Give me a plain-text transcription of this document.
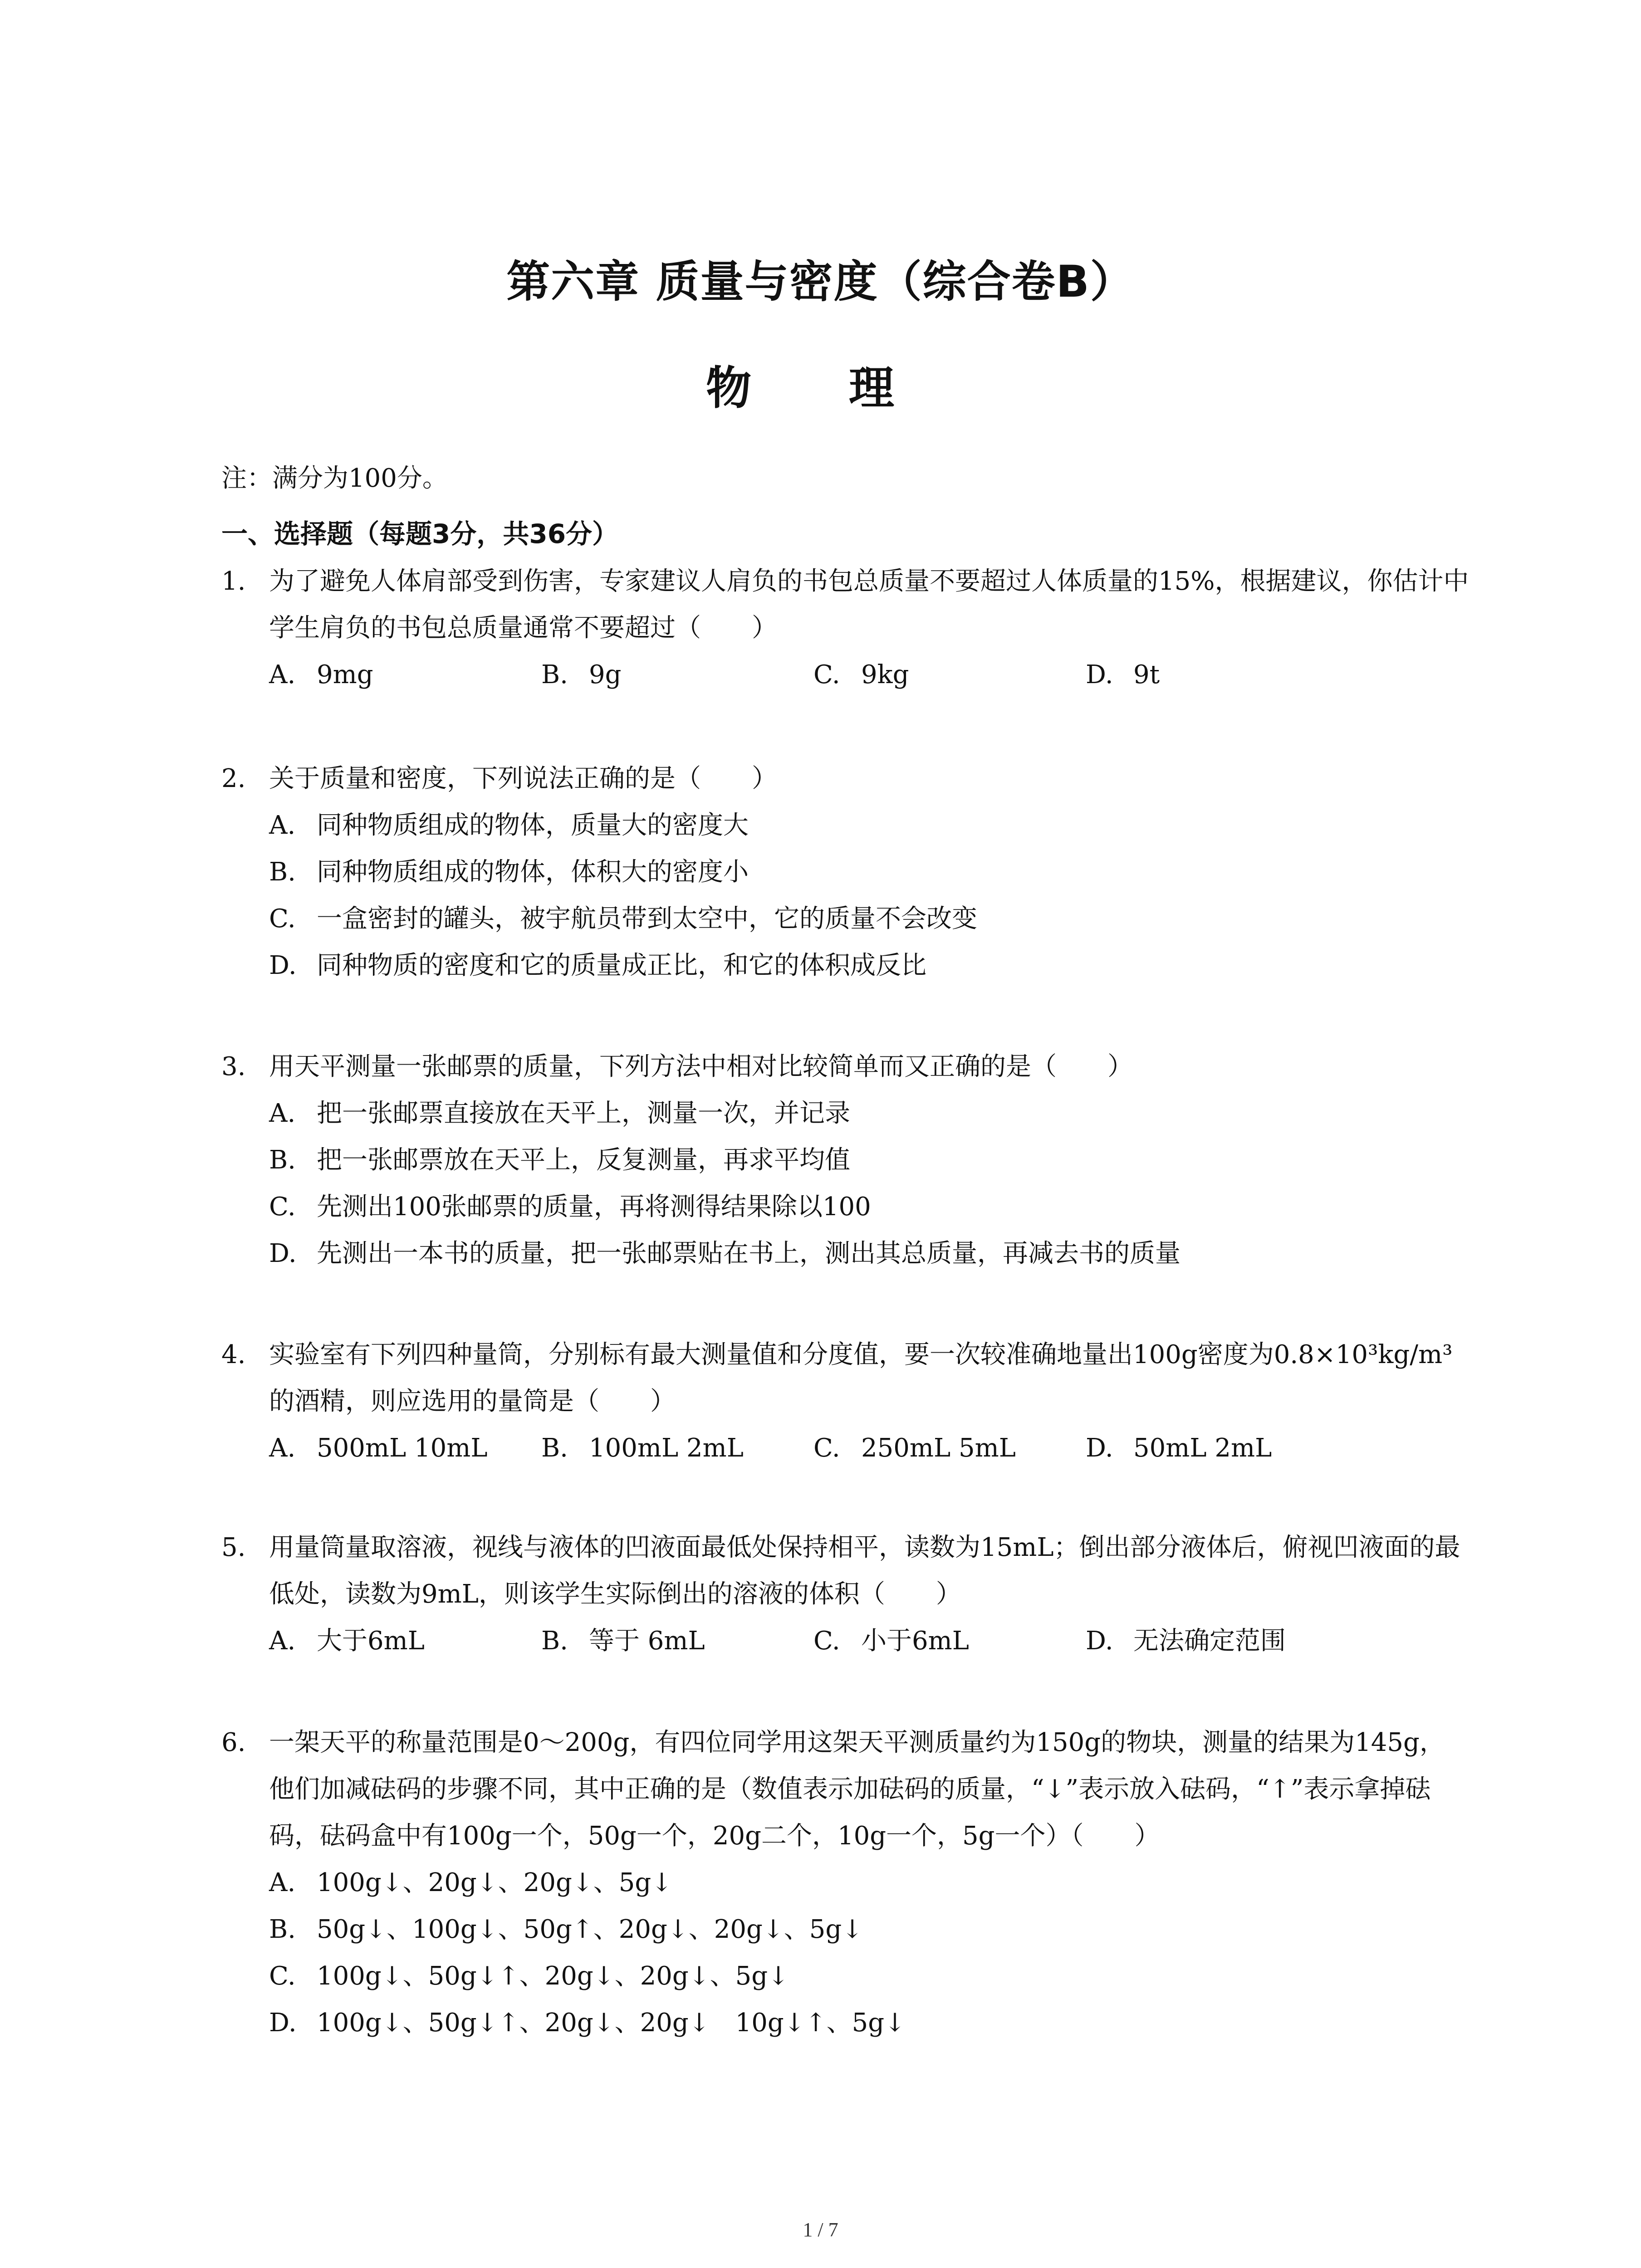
第六章 质量与密度（综合卷B）
物 理

注：满分为100分。

一、选择题（每题3分，共36分）

1. 为了避免人体肩部受到伤害，专家建议人肩负的书包总质量不要超过人体质量的15%，根据建议，你估计中学生肩负的书包总质量通常不要超过（　　）
A. 9mg	B. 9g	C. 9kg	D. 9t
2. 关于质量和密度，下列说法正确的是（　　）
A. 同种物质组成的物体，质量大的密度大
B. 同种物质组成的物体，体积大的密度小
C. 一盒密封的罐头，被宇航员带到太空中，它的质量不会改变
D. 同种物质的密度和它的质量成正比，和它的体积成反比
3. 用天平测量一张邮票的质量，下列方法中相对比较简单而又正确的是（　　）
A. 把一张邮票直接放在天平上，测量一次，并记录
B. 把一张邮票放在天平上，反复测量，再求平均值
C. 先测出100张邮票的质量，再将测得结果除以100
D. 先测出一本书的质量，把一张邮票贴在书上，测出其总质量，再减去书的质量
4. 实验室有下列四种量筒，分别标有最大测量值和分度值，要一次较准确地量出100g密度为0.8×10³kg/m³的酒精，则应选用的量筒是（　　）
A. 500mL 10mL	B. 100mL 2mL	C. 250mL 5mL	D. 50mL 2mL
5. 用量筒量取溶液，视线与液体的凹液面最低处保持相平，读数为15mL；倒出部分液体后，俯视凹液面的最低处，读数为9mL，则该学生实际倒出的溶液的体积（　　）
A. 大于6mL	B. 等于 6mL	C. 小于6mL	D. 无法确定范围
6. 一架天平的称量范围是0～200g，有四位同学用这架天平测质量约为150g的物块，测量的结果为145g，他们加减砝码的步骤不同，其中正确的是（数值表示加砝码的质量，“↓”表示放入砝码，“↑”表示拿掉砝码，砝码盒中有100g一个，50g一个，20g二个，10g一个，5g一个）（　　）
A. 100g↓、20g↓、20g↓、5g↓
B. 50g↓、100g↓、50g↑、20g↓、20g↓、5g↓
C. 100g↓、50g↓↑、20g↓、20g↓、5g↓
D. 100g↓、50g↓↑、20g↓、20g↓　10g↓↑、5g↓
1 / 7
